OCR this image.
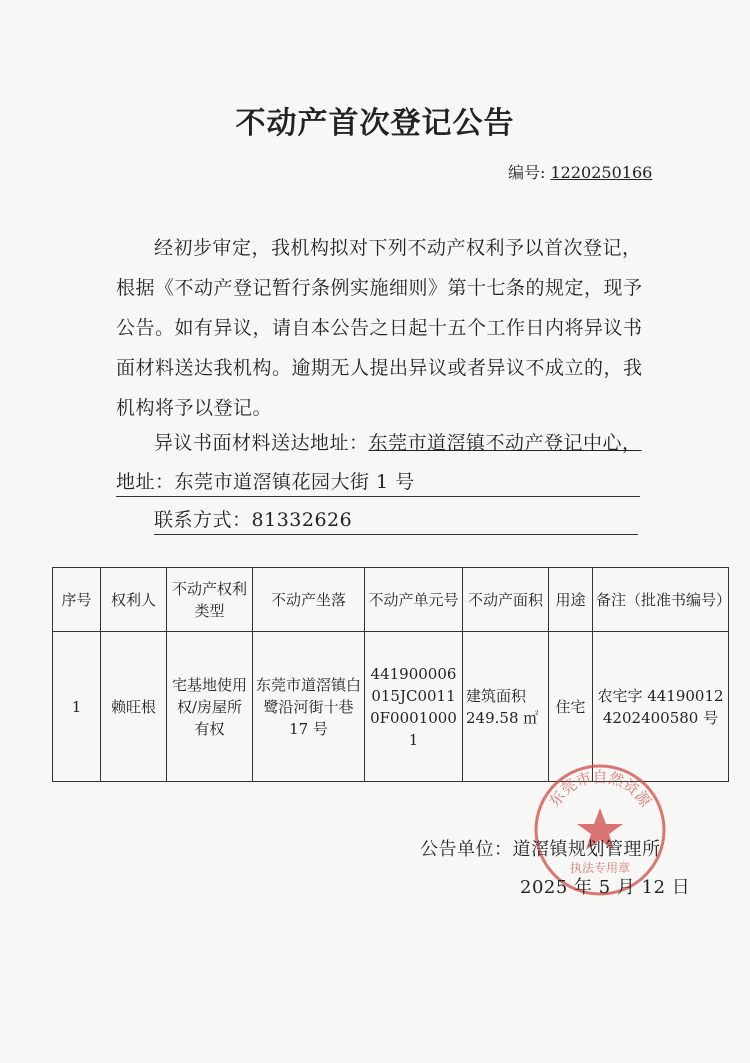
不动产首次登记公告
编号: 1220250166

经初步审定，我机构拟对下列不动产权利予以首次登记，根据《不动产登记暂行条例实施细则》第十七条的规定，现予公告。如有异议，请自本公告之日起十五个工作日内将异议书面材料送达我机构。逾期无人提出异议或者异议不成立的，我机构将予以登记。

异议书面材料送达地址：东莞市道滘镇不动产登记中心，
地址：东莞市道滘镇花园大街 1 号
联系方式：81332626
序号	权利人	不动产权利类型	不动产坐落	不动产单元号	不动产面积	用途	备注（批准书编号）
1	赖旺根	宅基地使用权/房屋所有权	东莞市道滘镇白鹭沿河街十巷 17 号	441900006015JC00110F00010001	建筑面积 249.58 ㎡	住宅	农宅字 441900124202400580 号
东莞市自然资源
执法专用章
公告单位：道滘镇规划管理所
2025 年 5 月 12 日
